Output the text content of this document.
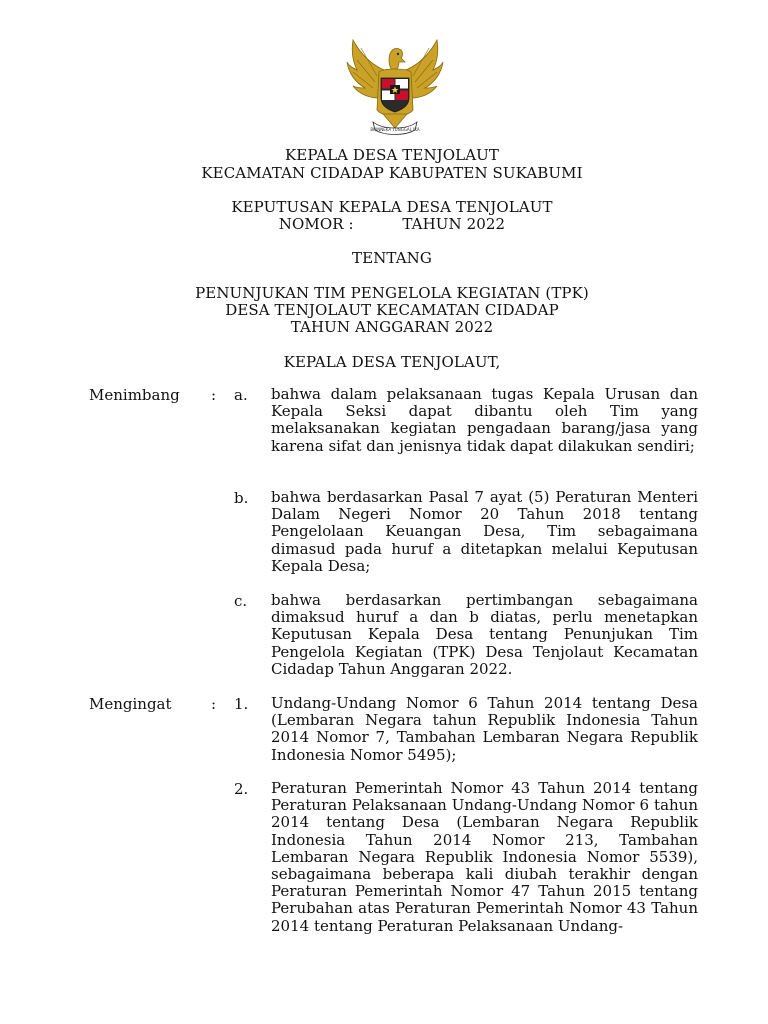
BHINNEKA TUNGGAL IKA
KEPALA DESA TENJOLAUT
KECAMATAN CIDADAP KABUPATEN SUKABUMI
KEPUTUSAN KEPALA DESA TENJOLAUT
NOMOR :          TAHUN 2022
TENTANG
PENUNJUKAN TIM PENGELOLA KEGIATAN (TPK)
DESA TENJOLAUT KECAMATAN CIDADAP
TAHUN ANGGARAN 2022
KEPALA DESA TENJOLAUT,
Menimbang : a. bahwa dalam pelaksanaan tugas Kepala Urusan dan Kepala Seksi dapat dibantu oleh Tim yang melaksanakan kegiatan pengadaan barang/jasa yang karena sifat dan jenisnya tidak dapat dilakukan sendiri;
b. bahwa berdasarkan Pasal 7 ayat (5) Peraturan Menteri Dalam Negeri Nomor 20 Tahun 2018 tentang Pengelolaan Keuangan Desa, Tim sebagaimana dimasud pada huruf a ditetapkan melalui Keputusan Kepala Desa;
c. bahwa berdasarkan pertimbangan sebagaimana dimaksud huruf a dan b diatas, perlu menetapkan Keputusan Kepala Desa tentang Penunjukan Tim Pengelola Kegiatan (TPK) Desa Tenjolaut Kecamatan Cidadap Tahun Anggaran 2022.
Mengingat	: 1. Undang-Undang Nomor 6 Tahun 2014 tentang Desa (Lembaran Negara tahun Republik Indonesia Tahun 2014 Nomor 7, Tambahan Lembaran Negara Republik Indonesia Nomor 5495);
2. Peraturan Pemerintah Nomor 43 Tahun 2014 tentang Peraturan Pelaksanaan Undang-Undang Nomor 6 tahun 2014 tentang Desa (Lembaran Negara Republik Indonesia Tahun 2014 Nomor 213, Tambahan Lembaran Negara Republik Indonesia Nomor 5539), sebagaimana beberapa kali diubah terakhir dengan Peraturan Pemerintah Nomor 47 Tahun 2015 tentang Perubahan atas Peraturan Pemerintah Nomor 43 Tahun 2014 tentang Peraturan Pelaksanaan Undang-
